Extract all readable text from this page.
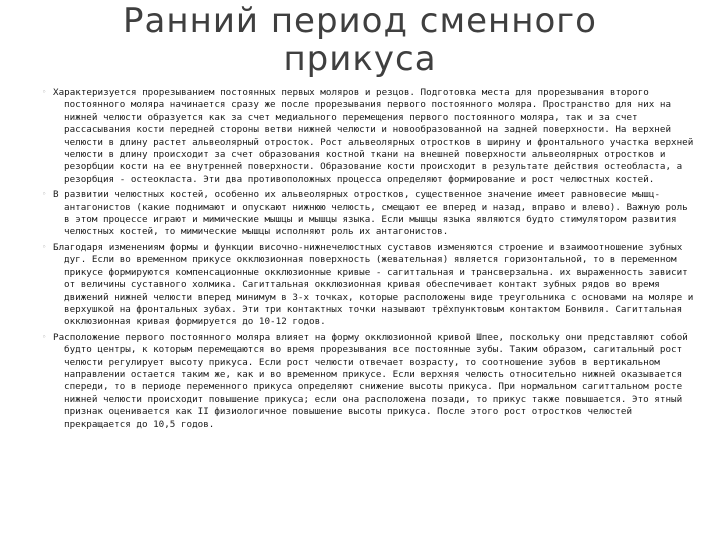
Ранний период сменного
прикуса

◦ Характеризуется прорезыванием постоянных первых моляров и резцов. Подготовка места для прорезывания второго постоянного моляра начинается сразу же после прорезывания первого постоянного моляра. Пространство для них на нижней челюсти образуется как за счет медиального перемещения первого постоянного моляра, так и за счет рассасывания кости передней стороны ветви нижней челюсти и новообразованной на задней поверхности. На верхней челюсти в длину растет альвеолярный отросток. Рост альвеолярных отростков в ширину и фронтального участка верхней челюсти в длину происходит за счет образования костной ткани на внешней поверхности альвеолярных отростков и резорбции кости на ее внутренней поверхности. Образование кости происходит в результате действия остеобласта, а резорбция - остеокласта. Эти два противоположных процесса определяют формирование и рост челюстных костей.

◦ В развитии челюстных костей, особенно их альвеолярных отростков, существенное значение имеет равновесие мышц-антагонистов (какие поднимают и опускают нижнюю челюсть, смещают ее вперед и назад, вправо и влево). Важную роль в этом процессе играют и мимические мышцы и мышцы языка. Если мышцы языка являются будто стимулятором развития челюстных костей, то мимические мышцы исполняют роль их антагонистов.

◦ Благодаря изменениям формы и функции височно-нижнечелюстных суставов изменяются строение и взаимоотношение зубных дуг. Если во временном прикусе окклюзионная поверхность (жевательная) является горизонтальной, то в переменном прикусе формируются компенсационные окклюзионные кривые - сагиттальная и трансверзальна. их выраженность зависит от величины суставного холмика. Сагиттальная окклюзионная кривая обеспечивает контакт зубных рядов во время движений нижней челюсти вперед минимум в 3-х точках, которые расположены виде треугольника с основами на моляре и верхушкой на фронтальных зубах. Эти три контактных точки называют трёхпунктовым контактом Бонвиля. Сагиттальная окклюзионная кривая формируется до 10-12 годов.

◦ Расположение первого постоянного моляра влияет на форму окклюзионной кривой Шпее, поскольку они представляют собой будто центры, к которым перемещаются во время прорезывания все постоянные зубы. Таким образом, сагитальный рост челюсти регулирует высоту прикуса. Если рост челюсти отвечает возрасту, то соотношение зубов в вертикальном направлении остается таким же, как и во временном прикусе. Если верхняя челюсть относительно нижней оказывается спереди, то в периоде переменного прикуса определяют снижение высоты прикуса. При нормальном сагиттальном росте нижней челюсти происходит повышение прикуса; если она расположена позади, то прикус также повышается. Это ятный признак оценивается как II физиологичное повышение высоты прикуса. После этого рост отростков челюстей прекращается до 10,5 годов.
